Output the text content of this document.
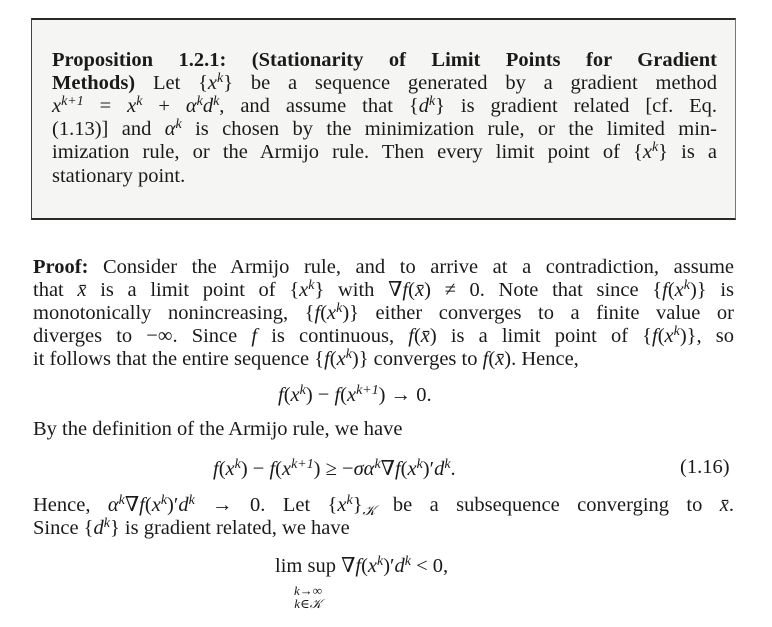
Proposition 1.2.1: (Stationarity of Limit Points for Gradient
Methods) Let $\{x^k\}$ be a sequence generated by a gradient method
$x^{k+1} = x^k + \alpha^kd^k$, and assume that $\{d^k\}$ is gradient related [cf. Eq.
(1.13)] and $\alpha^k$ is chosen by the minimization rule, or the limited min-
imization rule, or the Armijo rule. Then every limit point of $\{x^k\}$ is a
stationary point.
Proof: Consider the Armijo rule, and to arrive at a contradiction, assume
that x̄ is a limit point of $\{x^k\}$ with ∇f(x̄) ≠ 0. Note that since $\{f(x^k)\}$ is
monotonically nonincreasing, $\{f(x^k)\}$ either converges to a finite value or
diverges to −∞. Since f is continuous, f(x̄) is a limit point of $\{f(x^k)\}$, so
it follows that the entire sequence $\{f(x^k)\}$ converges to f(x̄). Hence,
$f(x^k) - f(x^{k+1}) \to 0$.
By the definition of the Armijo rule, we have
$f(x^k) - f(x^{k+1}) \ge -\sigma\alpha^k\nabla f(x^k)'d^k$.	(1.16)
Hence, $\alpha^k\nabla f(x^k)'d^k \to 0$. Let $\{x^k\}_𝒦$ be a subsequence converging to x̄.
Since $\{d^k\}$ is gradient related, we have
lim sup $\nabla f(x^k)'d^k < 0$,
k→∞
k∈𝒦
